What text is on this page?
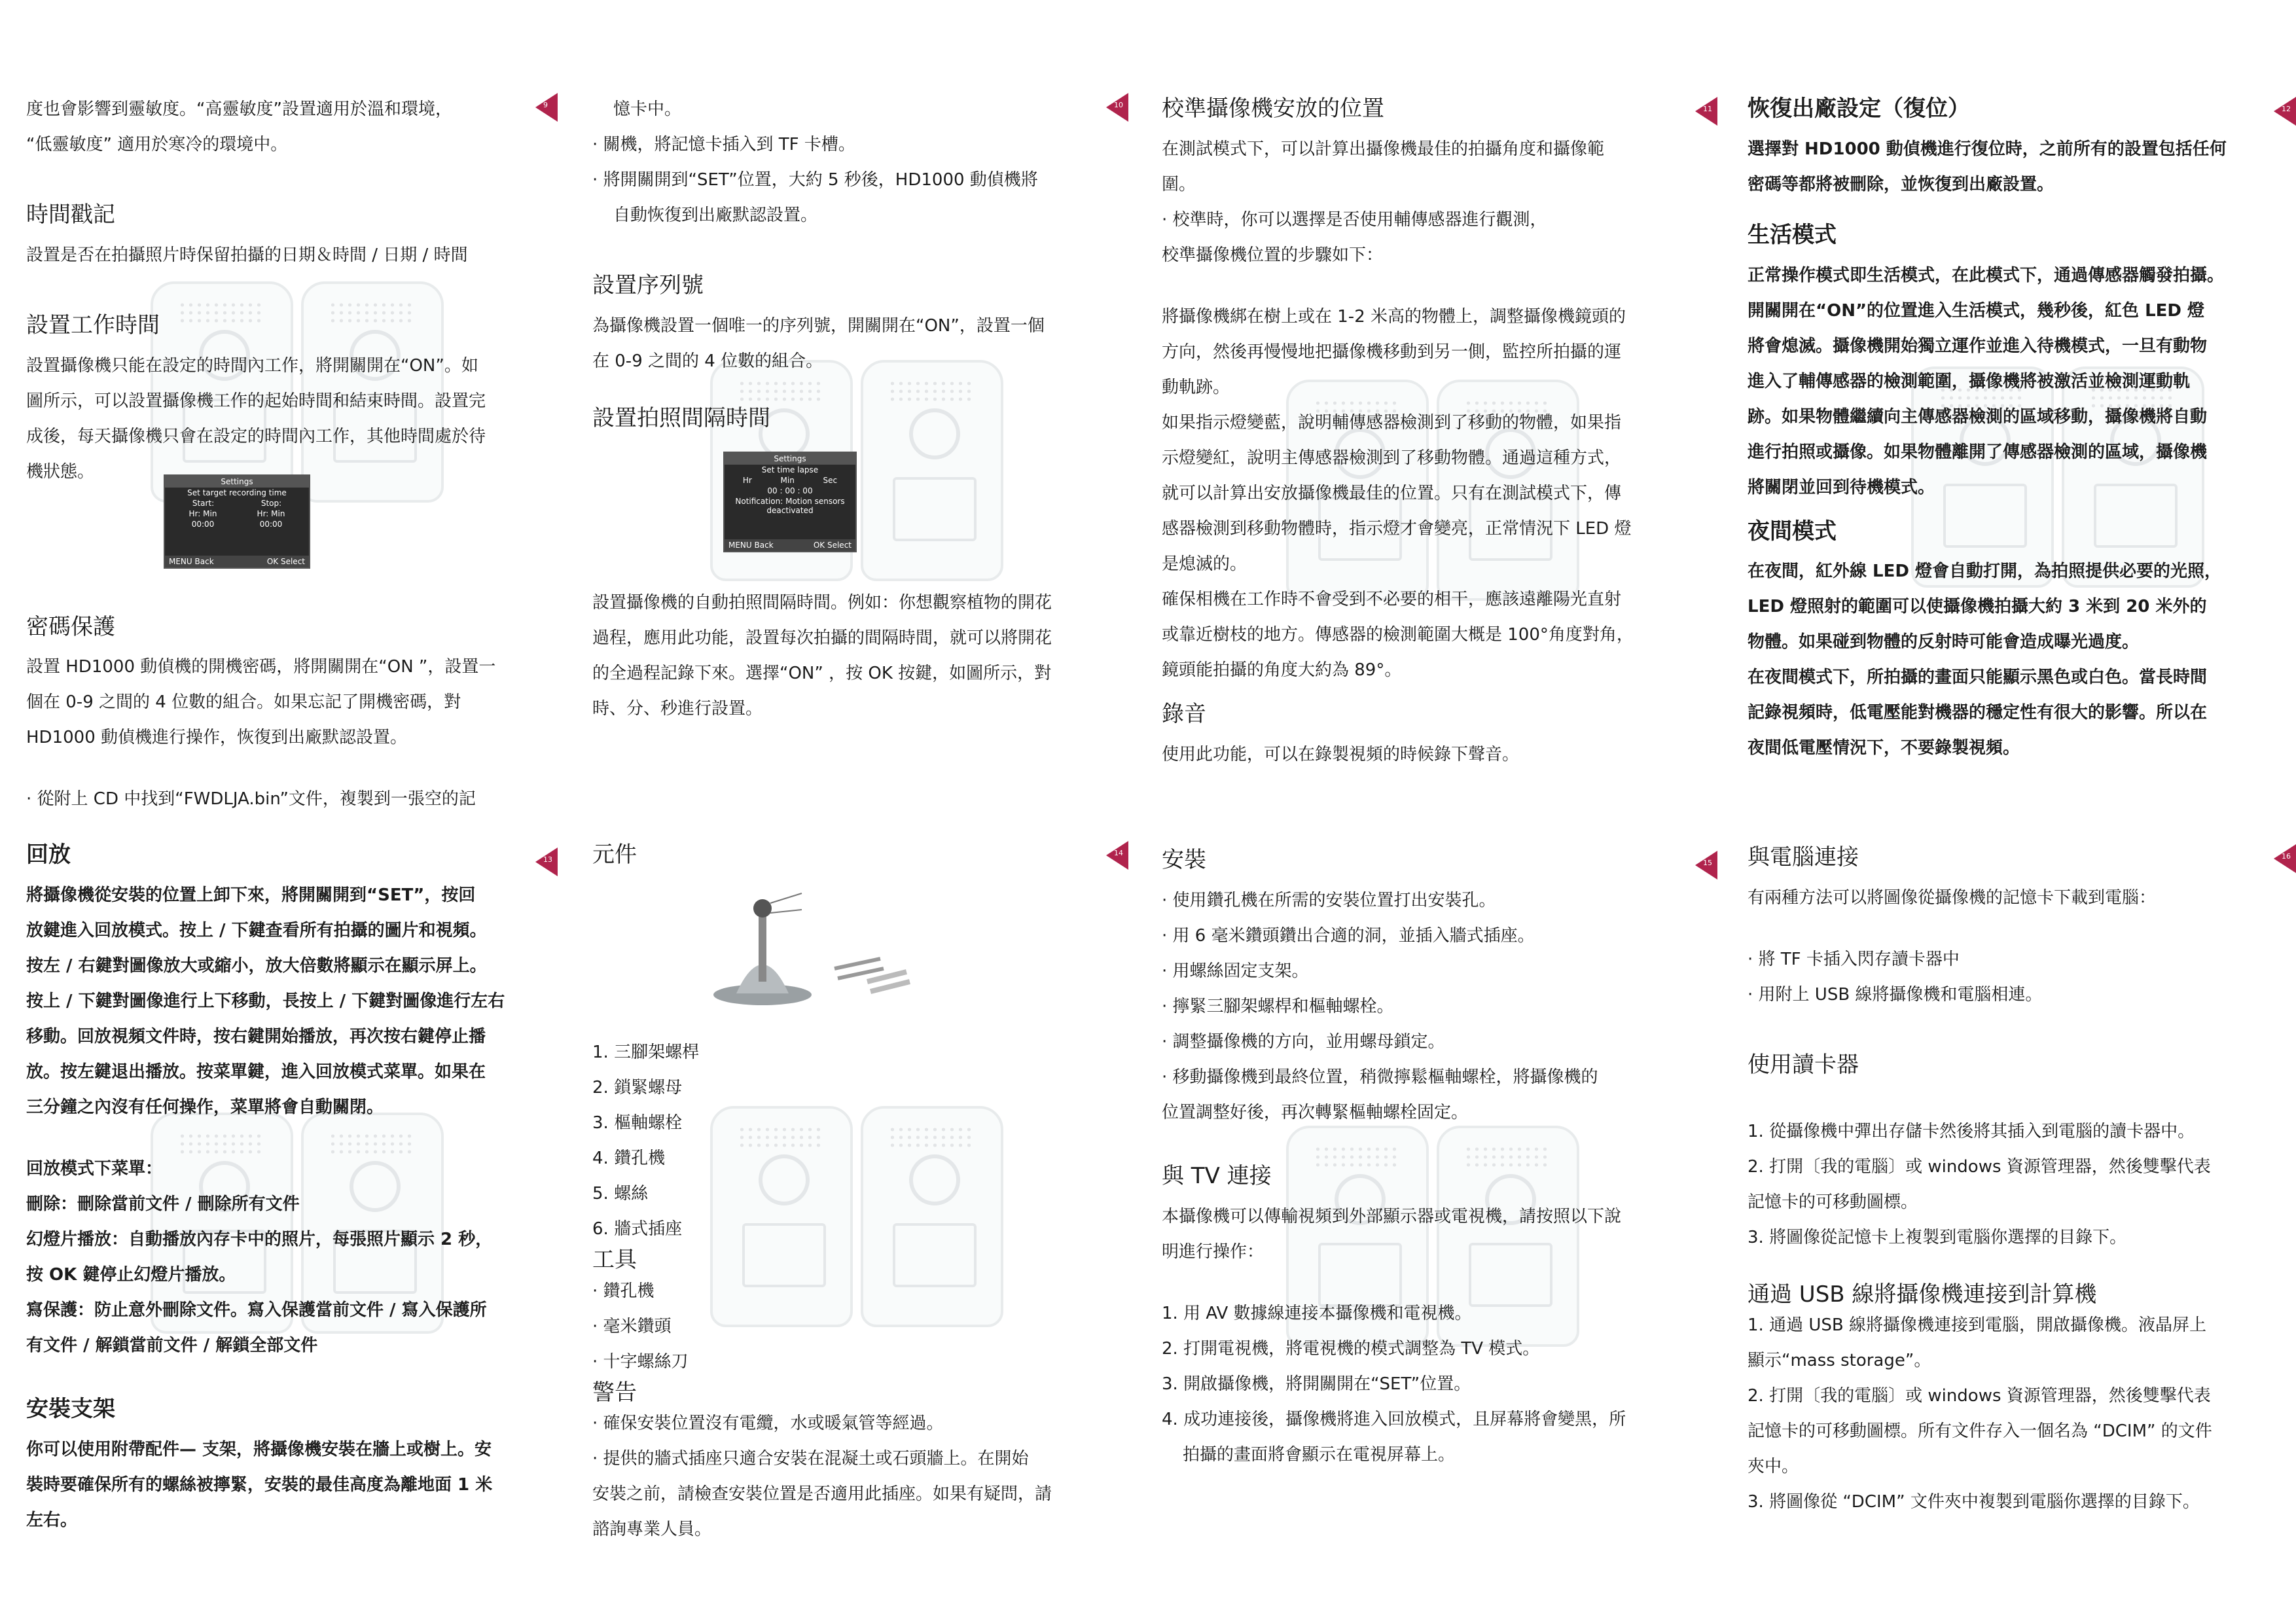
度也會影響到靈敏度。“高靈敏度”設置適用於溫和環境，

“低靈敏度” 適用於寒冷的環境中。

時間戳記

設置是否在拍攝照片時保留拍攝的日期＆時間 / 日期 / 時間

設置工作時間

設置攝像機只能在設定的時間內工作，將開關開在“ON”。如

圖所示，可以設置攝像機工作的起始時間和結束時間。設置完

成後，每天攝像機只會在設定的時間內工作，其他時間處於待

機狀態。

密碼保護

設置 HD1000 動偵機的開機密碼，將開關開在“ON ”，設置一

個在 0-9 之間的 4 位數的組合。如果忘記了開機密碼，對

HD1000 動偵機進行操作，恢復到出廠默認設置。

· 從附上 CD 中找到“FWDLJA.bin”文件，複製到一張空的記

Settings
Set target recording time
Start:	Stop:
Hr: Min	Hr: Min
00:00	00:00
MENU Back	OK Select
9	憶卡中。

· 關機，將記憶卡插入到 TF 卡槽。

· 將開關開到“SET”位置，大約 5 秒後，HD1000 動偵機將

自動恢復到出廠默認設置。

設置序列號

為攝像機設置一個唯一的序列號，開關開在“ON”，設置一個

在 0-9 之間的 4 位數的組合。

設置拍照間隔時間

設置攝像機的自動拍照間隔時間。例如：你想觀察植物的開花

過程，應用此功能，設置每次拍攝的間隔時間，就可以將開花

的全過程記錄下來。選擇“ON” ，按 OK 按鍵，如圖所示，對

時、分、秒進行設置。

Settings
Set time lapse
Hr	Min	Sec
00 : 00 : 00
Notification: Motion sensors deactivated
MENU Back	OK Select
10 校準攝像機安放的位置

在測試模式下，可以計算出攝像機最佳的拍攝角度和攝像範

圍。

· 校準時，你可以選擇是否使用輔傳感器進行觀測，

校準攝像機位置的步驟如下：

將攝像機綁在樹上或在 1-2 米高的物體上，調整攝像機鏡頭的

方向，然後再慢慢地把攝像機移動到另一側，監控所拍攝的運

動軌跡。

如果指示燈變藍，說明輔傳感器檢測到了移動的物體，如果指

示燈變紅，說明主傳感器檢測到了移動物體。通過這種方式，

就可以計算出安放攝像機最佳的位置。只有在測試模式下，傳

感器檢測到移動物體時，指示燈才會變亮，正常情況下 LED 燈

是熄滅的。

確保相機在工作時不會受到不必要的相干，應該遠離陽光直射

或靠近樹枝的地方。傳感器的檢測範圍大概是 100°角度對角，

鏡頭能拍攝的角度大約為 89°。

錄音

使用此功能，可以在錄製視頻的時候錄下聲音。

11 恢復出廠設定（復位）

選擇對 HD1000 動偵機進行復位時，之前所有的設置包括任何

密碼等都將被刪除，並恢復到出廠設置。

生活模式

正常操作模式即生活模式，在此模式下，通過傳感器觸發拍攝。

開關開在“ON”的位置進入生活模式，幾秒後，紅色 LED 燈

將會熄滅。攝像機開始獨立運作並進入待機模式，一旦有動物

進入了輔傳感器的檢測範圍，攝像機將被激活並檢測運動軌

跡。如果物體繼續向主傳感器檢測的區域移動，攝像機將自動

進行拍照或攝像。如果物體離開了傳感器檢測的區域，攝像機

將關閉並回到待機模式。

夜間模式

在夜間，紅外線 LED 燈會自動打開，為拍照提供必要的光照，

LED 燈照射的範圍可以使攝像機拍攝大約 3 米到 20 米外的

物體。如果碰到物體的反射時可能會造成曝光過度。

在夜間模式下，所拍攝的畫面只能顯示黑色或白色。當長時間

記錄視頻時，低電壓能對機器的穩定性有很大的影響。所以在

夜間低電壓情況下，不要錄製視頻。

12
回放

將攝像機從安裝的位置上卸下來，將開關開到“SET”，按回

放鍵進入回放模式。按上 / 下鍵查看所有拍攝的圖片和視頻。

按左 / 右鍵對圖像放大或縮小，放大倍數將顯示在顯示屏上。

按上 / 下鍵對圖像進行上下移動，長按上 / 下鍵對圖像進行左右

移動。回放視頻文件時，按右鍵開始播放，再次按右鍵停止播

放。按左鍵退出播放。按菜單鍵，進入回放模式菜單。如果在

三分鐘之內沒有任何操作，菜單將會自動關閉。

回放模式下菜單：

刪除：刪除當前文件 / 刪除所有文件

幻燈片播放：自動播放內存卡中的照片，每張照片顯示 2 秒，

按 OK 鍵停止幻燈片播放。

寫保護：防止意外刪除文件。寫入保護當前文件 / 寫入保護所

有文件 / 解鎖當前文件 / 解鎖全部文件

安裝支架

你可以使用附帶配件— 支架，將攝像機安裝在牆上或樹上。安

裝時要確保所有的螺絲被擰緊，安裝的最佳高度為離地面 1 米

左右。

13 元件

1. 三腳架螺桿

2. 鎖緊螺母

3. 樞軸螺栓

4. 鑽孔機

5. 螺絲

6. 牆式插座

工具

· 鑽孔機

· 毫米鑽頭

· 十字螺絲刀

警告

· 確保安裝位置沒有電纜，水或暖氣管等經過。

· 提供的牆式插座只適合安裝在混凝土或石頭牆上。在開始

安裝之前，請檢查安裝位置是否適用此插座。如果有疑問，請

諮詢專業人員。

14 安裝

· 使用鑽孔機在所需的安裝位置打出安裝孔。

· 用 6 毫米鑽頭鑽出合適的洞，並插入牆式插座。

· 用螺絲固定支架。

· 擰緊三腳架螺桿和樞軸螺栓。

· 調整攝像機的方向，並用螺母鎖定。

· 移動攝像機到最終位置，稍微擰鬆樞軸螺栓，將攝像機的

位置調整好後，再次轉緊樞軸螺栓固定。

與 TV 連接

本攝像機可以傳輸視頻到外部顯示器或電視機，請按照以下說

明進行操作：

1. 用 AV 數據線連接本攝像機和電視機。

2. 打開電視機，將電視機的模式調整為 TV 模式。

3. 開啟攝像機，將開關開在“SET”位置。

4. 成功連接後，攝像機將進入回放模式，且屏幕將會變黑，所

拍攝的畫面將會顯示在電視屏幕上。

15 與電腦連接

有兩種方法可以將圖像從攝像機的記憶卡下載到電腦：

· 將 TF 卡插入閃存讀卡器中

· 用附上 USB 線將攝像機和電腦相連。

使用讀卡器

1. 從攝像機中彈出存儲卡然後將其插入到電腦的讀卡器中。

2. 打開〔我的電腦〕或 windows 資源管理器，然後雙擊代表

記憶卡的可移動圖標。

3. 將圖像從記憶卡上複製到電腦你選擇的目錄下。

通過 USB 線將攝像機連接到計算機

1. 通過 USB 線將攝像機連接到電腦，開啟攝像機。液晶屏上

顯示“mass storage”。

2. 打開〔我的電腦〕或 windows 資源管理器，然後雙擊代表

記憶卡的可移動圖標。所有文件存入一個名為 “DCIM” 的文件

夾中。

3. 將圖像從 “DCIM” 文件夾中複製到電腦你選擇的目錄下。

16
